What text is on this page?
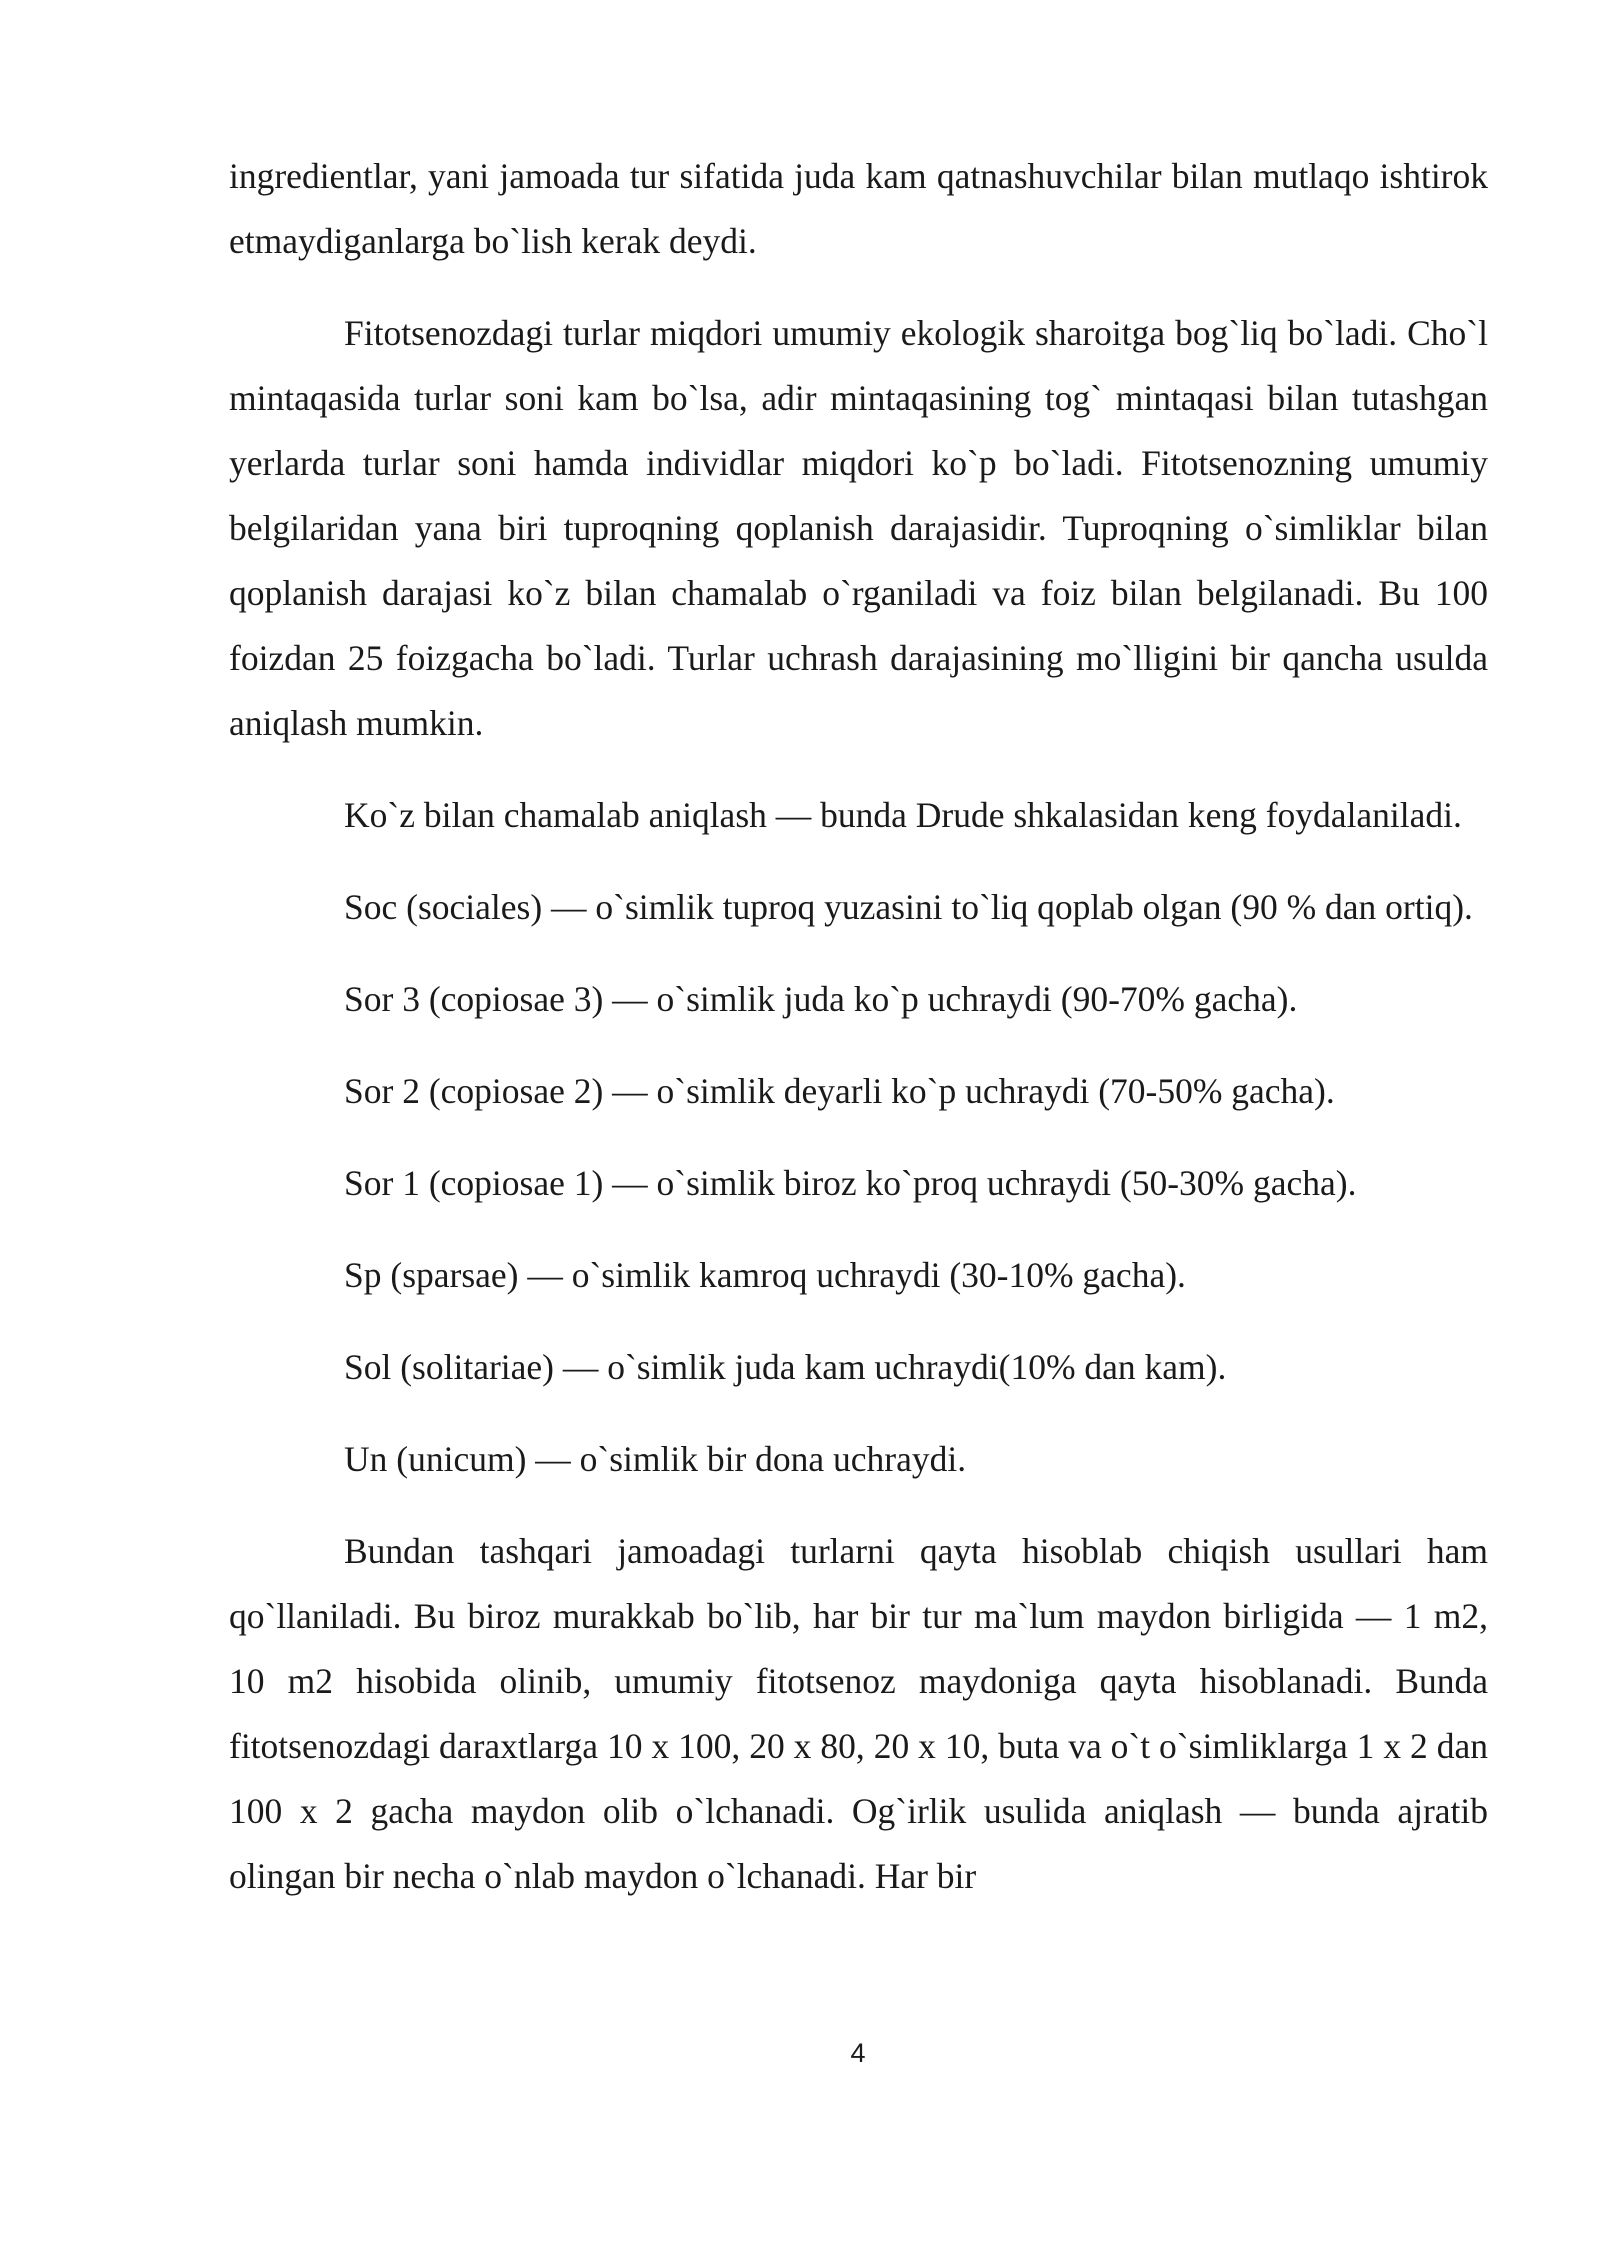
ingredientlar, yani jamoada tur sifatida juda kam qatnashuvchilar bilan mutlaqo ishtirok etmaydiganlarga bo`lish kerak deydi.

Fitotsenozdagi turlar miqdori umumiy ekologik sharoitga bog`liq bo`ladi. Cho`l mintaqasida turlar soni kam bo`lsa, adir mintaqasining tog` mintaqasi bilan tutashgan yerlarda turlar soni hamda individlar miqdori ko`p bo`ladi. Fitotsenozning umumiy belgilaridan yana biri tuproqning qoplanish darajasidir. Tuproqning o`simliklar bilan qoplanish darajasi ko`z bilan chamalab o`rganiladi va foiz bilan belgilanadi. Bu 100 foizdan 25 foizgacha bo`ladi. Turlar uchrash darajasining mo`lligini bir qancha usulda aniqlash mumkin.

Ko`z bilan chamalab aniqlash — bunda Drude shkalasidan keng foydalaniladi.

Soc (sociales) — o`simlik tuproq yuzasini to`liq qoplab olgan (90 % dan ortiq).

Sor 3 (copiosae 3) — o`simlik juda ko`p uchraydi (90-70% gacha).

Sor 2 (copiosae 2) — o`simlik deyarli ko`p uchraydi (70-50% gacha).

Sor 1 (copiosae 1) — o`simlik biroz ko`proq uchraydi (50-30% gacha).

Sp (sparsae) — o`simlik kamroq uchraydi (30-10% gacha).

Sol (solitariae) — o`simlik juda kam uchraydi(10% dan kam).

Un (unicum) — o`simlik bir dona uchraydi.

Bundan tashqari jamoadagi turlarni qayta hisoblab chiqish usullari ham qo`llaniladi. Bu biroz murakkab bo`lib, har bir tur ma`lum maydon birligida — 1 m2, 10 m2 hisobida olinib, umumiy fitotsenoz maydoniga qayta hisoblanadi. Bunda fitotsenozdagi daraxtlarga 10 x 100, 20 x 80, 20 x 10, buta va o`t o`simliklarga 1 x 2 dan 100 x 2 gacha maydon olib o`lchanadi. Og`irlik usulida aniqlash — bunda ajratib olingan bir necha o`nlab maydon o`lchanadi. Har bir

4
